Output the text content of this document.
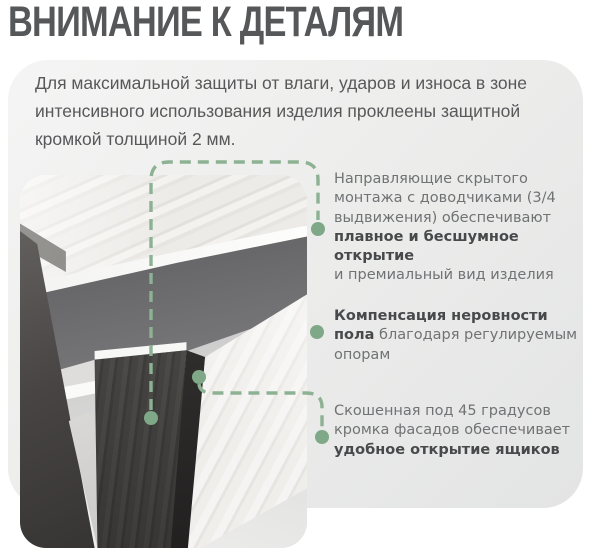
ВНИМАНИЕ К ДЕТАЛЯМ

Для максимальной защиты от влаги, ударов и износа в зоне интенсивного использования изделия проклеены защитной кромкой толщиной 2 мм.

Направляющие скрытого монтажа с доводчиками (3/4 выдвижения) обеспечивают плавное и бесшумное открытие
и премиальный вид изделия
Компенсация неровности пола благодаря регулируемым опорам
Скошенная под 45 градусов кромка фасадов обеспечивает удобное открытие ящиков
